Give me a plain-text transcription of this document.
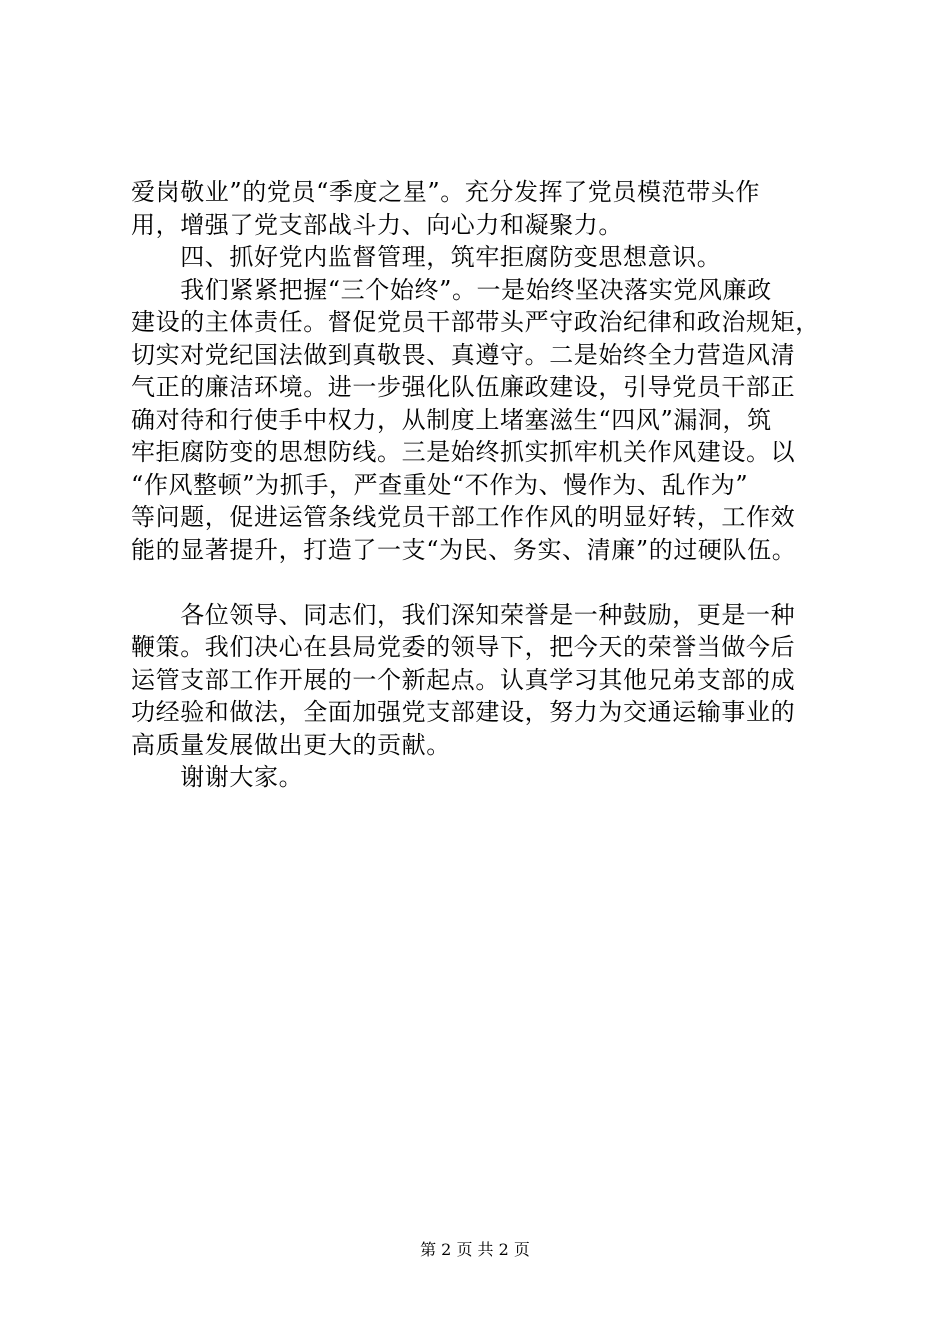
爱岗敬业”的党员“季度之星”。充分发挥了党员模范带头作
用，增强了党支部战斗力、向心力和凝聚力。
　　四、抓好党内监督管理，筑牢拒腐防变思想意识。
　　我们紧紧把握“三个始终”。一是始终坚决落实党风廉政
建设的主体责任。督促党员干部带头严守政治纪律和政治规矩，
切实对党纪国法做到真敬畏、真遵守。二是始终全力营造风清
气正的廉洁环境。进一步强化队伍廉政建设，引导党员干部正
确对待和行使手中权力，从制度上堵塞滋生“四风”漏洞，筑
牢拒腐防变的思想防线。三是始终抓实抓牢机关作风建设。以
“作风整顿”为抓手，严查重处“不作为、慢作为、乱作为”
等问题，促进运管条线党员干部工作作风的明显好转，工作效
能的显著提升，打造了一支“为民、务实、清廉”的过硬队伍。
　　各位领导、同志们，我们深知荣誉是一种鼓励，更是一种
鞭策。我们决心在县局党委的领导下，把今天的荣誉当做今后
运管支部工作开展的一个新起点。认真学习其他兄弟支部的成
功经验和做法，全面加强党支部建设，努力为交通运输事业的
高质量发展做出更大的贡献。
　　谢谢大家。
第 2 页 共 2 页
